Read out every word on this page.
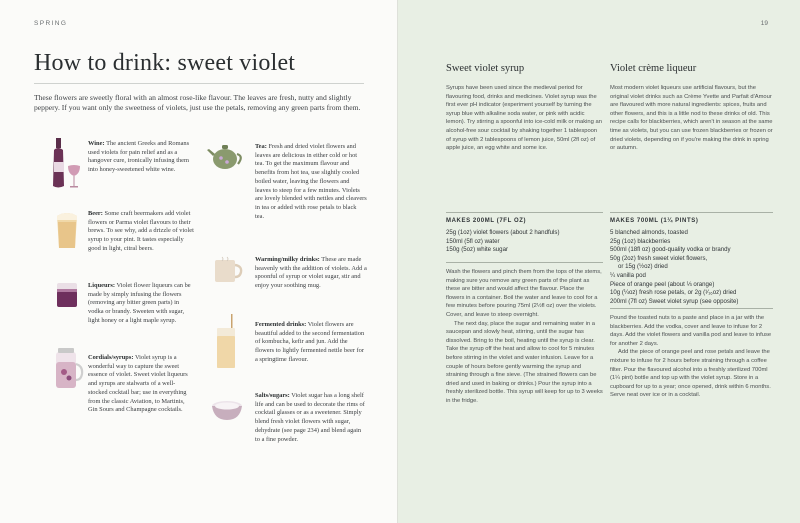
SPRING
How to drink: sweet violet
These flowers are sweetly floral with an almost rose-like flavour. The leaves are fresh, nutty and slightly peppery. If you want only the sweetness of violets, just use the petals, removing any green parts from them.
Wine: The ancient Greeks and Romans used violets for pain relief and as a hangover cure, ironically infusing them into honey-sweetened white wine.
Beer: Some craft beermakers add violet flowers or Parma violet flavours to their brews. To see why, add a drizzle of violet syrup to your pint. It tastes especially good in light, citral beers.
Liqueurs: Violet flower liqueurs can be made by simply infusing the flowers (removing any bitter green parts) in vodka or brandy. Sweeten with sugar, light honey or a light maple syrup.
Cordials/syrups: Violet syrup is a wonderful way to capture the sweet essence of violet. Sweet violet liqueurs and syrups are stalwarts of a well-stocked cocktail bar; use in everything from the classic Aviation, to Martinis, Gin Sours and Champagne cocktails.
Tea: Fresh and dried violet flowers and leaves are delicious in either cold or hot tea. To get the maximum flavour and benefits from hot tea, use slightly cooled boiled water, leaving the flowers and leaves to steep for a few minutes. Violets are lovely blended with nettles and cleavers in tea or added with rose petals to black tea.
Warming/milky drinks: These are made heavenly with the addition of violets. Add a spoonful of syrup or violet sugar, stir and enjoy your soothing mug.
Fermented drinks: Violet flowers are beautiful added to the second fermentation of kombucha, kefir and jun. Add the flowers to lightly fermented nettle beer for a springtime flavour.
Salts/sugars: Violet sugar has a long shelf life and can be used to decorate the rims of cocktail glasses or as a sweetener. Simply blend fresh violet flowers with sugar, dehydrate (see page 234) and blend again to a fine powder.
19
Sweet violet syrup

Syrups have been used since the medieval period for flavouring food, drinks and medicines. Violet syrup was the first ever pH indicator (experiment yourself by turning the syrup blue with alkaline soda water, or pink with acidic lemon). Try stirring a spoonful into ice-cold milk or making an alcohol-free sour cocktail by shaking together 1 tablespoon of syrup with 2 tablespoons of lemon juice, 50ml (2fl oz) of apple juice, an egg white and some ice.

MAKES 200ML (7FL OZ)
25g (1oz) violet flowers (about 2 handfuls)
150ml (5fl oz) water
150g (5oz) white sugar

Wash the flowers and pinch them from the tops of the stems, making sure you remove any green parts of the plant as these are bitter and would affect the flavour. Place the flowers in a container. Boil the water and leave to cool for a few minutes before pouring 75ml (2½fl oz) over the violets. Cover, and leave to steep overnight.

The next day, place the sugar and remaining water in a saucepan and slowly heat, stirring, until the sugar has dissolved. Bring to the boil, heating until the syrup is clear. Take the syrup off the heat and allow to cool for 5 minutes before stirring in the violet and water infusion. Leave for a couple of hours before gently warming the syrup and straining through a fine sieve. (The strained flowers can be dried and used in baking or drinks.) Pour the syrup into a freshly sterilized bottle. This syrup will keep for up to 3 weeks in the fridge.

Violet crème liqueur

Most modern violet liqueurs use artificial flavours, but the original violet drinks such as Crème Yvette and Parfait d'Amour are flavoured with more natural ingredients: spices, fruits and other flowers, and this is a little nod to these drinks of old. This recipe calls for blackberries, which aren't in season at the same time as violets, but you can use frozen blackberries or frozen or dried violets, depending on if you're making the drink in spring or autumn.

MAKES 700ML (1¼ PINTS)
5 blanched almonds, toasted
25g (1oz) blackberries
500ml (18fl oz) good-quality vodka or brandy
50g (2oz) fresh sweet violet flowers,
or 15g (½oz) dried
¼ vanilla pod
Piece of orange peel (about ⅓ orange)
10g (¼oz) fresh rose petals, or 2g (¹⁄₁₆oz) dried
200ml (7fl oz) Sweet violet syrup (see opposite)

Pound the toasted nuts to a paste and place in a jar with the blackberries. Add the vodka, cover and leave to infuse for 2 days. Add the violet flowers and vanilla pod and leave to infuse for another 2 days.

Add the piece of orange peel and rose petals and leave the mixture to infuse for 2 hours before straining through a coffee filter. Pour the flavoured alcohol into a freshly sterilized 700ml (1¼ pint) bottle and top up with the violet syrup. Store in a cupboard for up to a year; once opened, drink within 6 months. Serve neat over ice or in a cocktail.
